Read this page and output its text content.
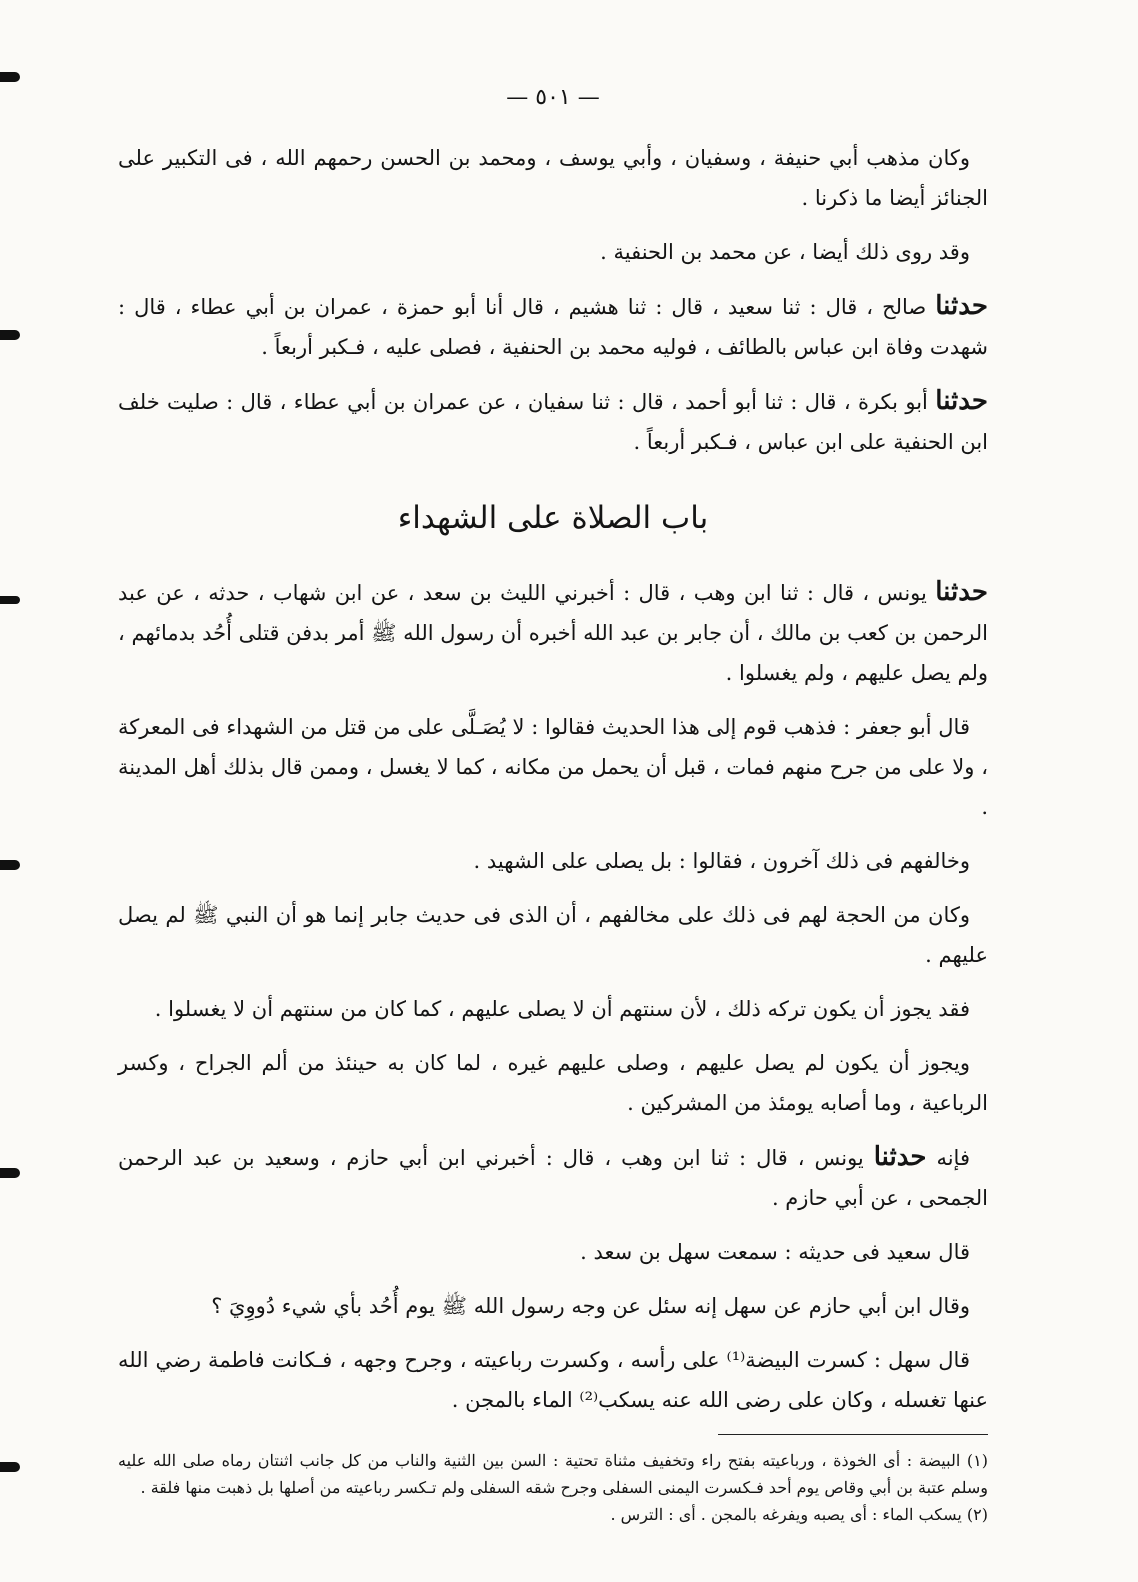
— ٥٠١ —

وكان مذهب أبي حنيفة ، وسفيان ، وأبي يوسف ، ومحمد بن الحسن رحمهم الله ، فى التكبير على الجنائز أيضا ما ذكرنا .

وقد روى ذلك أيضا ، عن محمد بن الحنفية .

حدثنا صالح ، قال : ثنا سعيد ، قال : ثنا هشيم ، قال أنا أبو حمزة ، عمران بن أبي عطاء ، قال : شهدت وفاة ابن عباس بالطائف ، فوليه محمد بن الحنفية ، فصلى عليه ، فـكبر أربعاً .

حدثنا أبو بكرة ، قال : ثنا أبو أحمد ، قال : ثنا سفيان ، عن عمران بن أبي عطاء ، قال : صليت خلف ابن الحنفية على ابن عباس ، فـكبر أربعاً .

باب الصلاة على الشهداء

حدثنا يونس ، قال : ثنا ابن وهب ، قال : أخبرني الليث بن سعد ، عن ابن شهاب ، حدثه ، عن عبد الرحمن بن كعب بن مالك ، أن جابر بن عبد الله أخبره أن رسول الله ﷺ أمر بدفن قتلى أُحُد بدمائهم ، ولم يصل عليهم ، ولم يغسلوا .

قال أبو جعفر : فذهب قوم إلى هذا الحديث فقالوا : لا يُصَـلَّى على من قتل من الشهداء فى المعركة ، ولا على من جرح منهم فمات ، قبل أن يحمل من مكانه ، كما لا يغسل ، وممن قال بذلك أهل المدينة .

وخالفهم فى ذلك آخرون ، فقالوا : بل يصلى على الشهيد .

وكان من الحجة لهم فى ذلك على مخالفهم ، أن الذى فى حديث جابر إنما هو أن النبي ﷺ لم يصل عليهم .

فقد يجوز أن يكون تركه ذلك ، لأن سنتهم أن لا يصلى عليهم ، كما كان من سنتهم أن لا يغسلوا .

ويجوز أن يكون لم يصل عليهم ، وصلى عليهم غيره ، لما كان به حينئذ من ألم الجراح ، وكسر الرباعية ، وما أصابه يومئذ من المشركين .

فإنه حدثنا يونس ، قال : ثنا ابن وهب ، قال : أخبرني ابن أبي حازم ، وسعيد بن عبد الرحمن الجمحى ، عن أبي حازم .

قال سعيد فى حديثه : سمعت سهل بن سعد .

وقال ابن أبي حازم عن سهل إنه سئل عن وجه رسول الله ﷺ يوم أُحُد بأي شيء دُووِيَ ؟

قال سهل : كسرت البيضة⁽¹⁾ على رأسه ، وكسرت رباعيته ، وجرح وجهه ، فـكانت فاطمة رضي الله عنها تغسله ، وكان على رضى الله عنه يسكب⁽²⁾ الماء بالمجن .

(١) البيضة : أى الخوذة ، ورباعيته بفتح راء وتخفيف مثناة تحتية : السن بين الثنية والناب من كل جانب اثنتان رماه صلى الله عليه وسلم عتبة بن أبي وقاص يوم أحد فـكسرت اليمنى السفلى وجرح شقه السفلى ولم تـكسر رباعيته من أصلها بل ذهبت منها فلقة .

(٢) يسكب الماء : أى يصبه ويفرغه بالمجن . أى : الترس .
